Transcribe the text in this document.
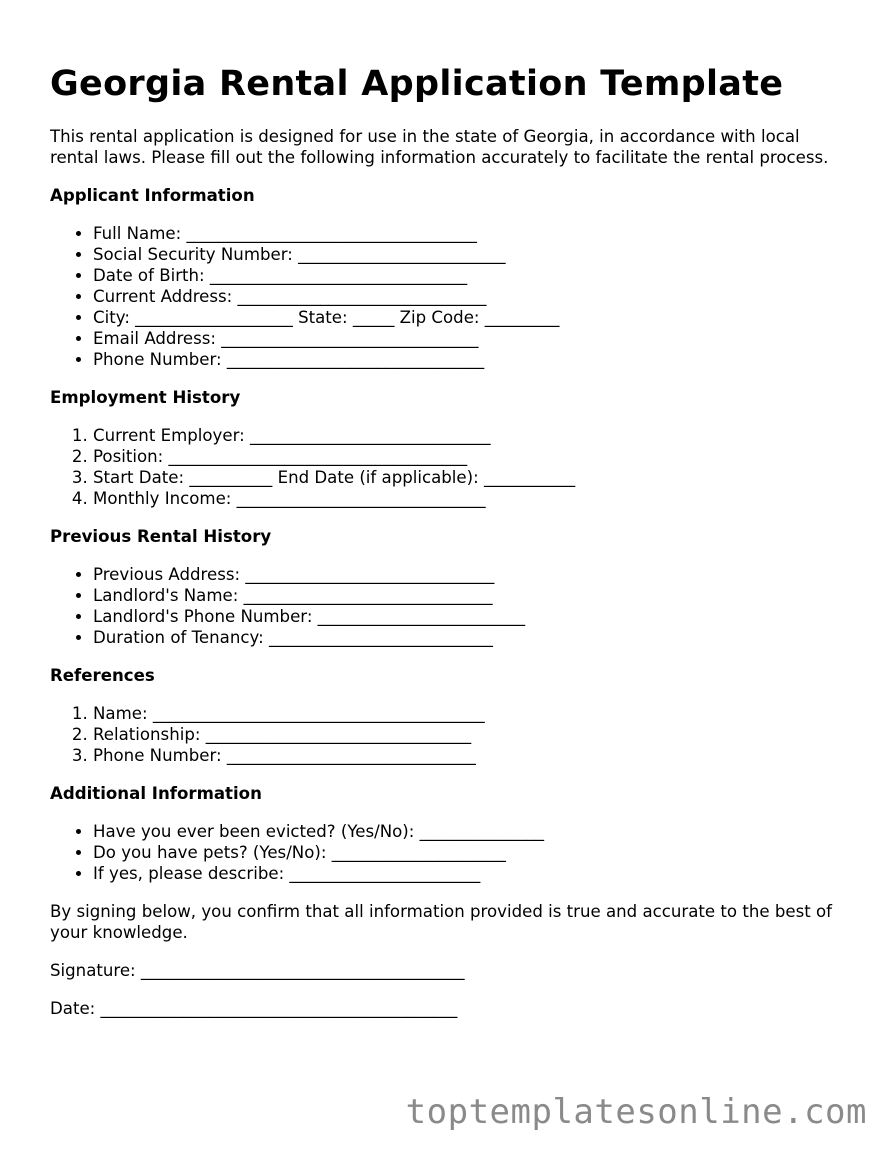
Georgia Rental Application Template

This rental application is designed for use in the state of Georgia, in accordance with local rental laws. Please fill out the following information accurately to facilitate the rental process.

Applicant Information
• Full Name: ___________________________________
• Social Security Number: _________________________
• Date of Birth: _______________________________
• Current Address: ______________________________
• City: ___________________ State: _____ Zip Code: _________
• Email Address: _______________________________
• Phone Number: _______________________________
Employment History
1. Current Employer: _____________________________
2. Position: ____________________________________
3. Start Date: __________ End Date (if applicable): ___________
4. Monthly Income: ______________________________
Previous Rental History
• Previous Address: ______________________________
• Landlord's Name: ______________________________
• Landlord's Phone Number: _________________________
• Duration of Tenancy: ___________________________
References
1. Name: ________________________________________
2. Relationship: ________________________________
3. Phone Number: ______________________________
Additional Information
• Have you ever been evicted? (Yes/No): _______________
• Do you have pets? (Yes/No): _____________________
• If yes, please describe: _______________________

By signing below, you confirm that all information provided is true and accurate to the best of your knowledge.

Signature: _______________________________________

Date: ___________________________________________

toptemplatesonline.com
